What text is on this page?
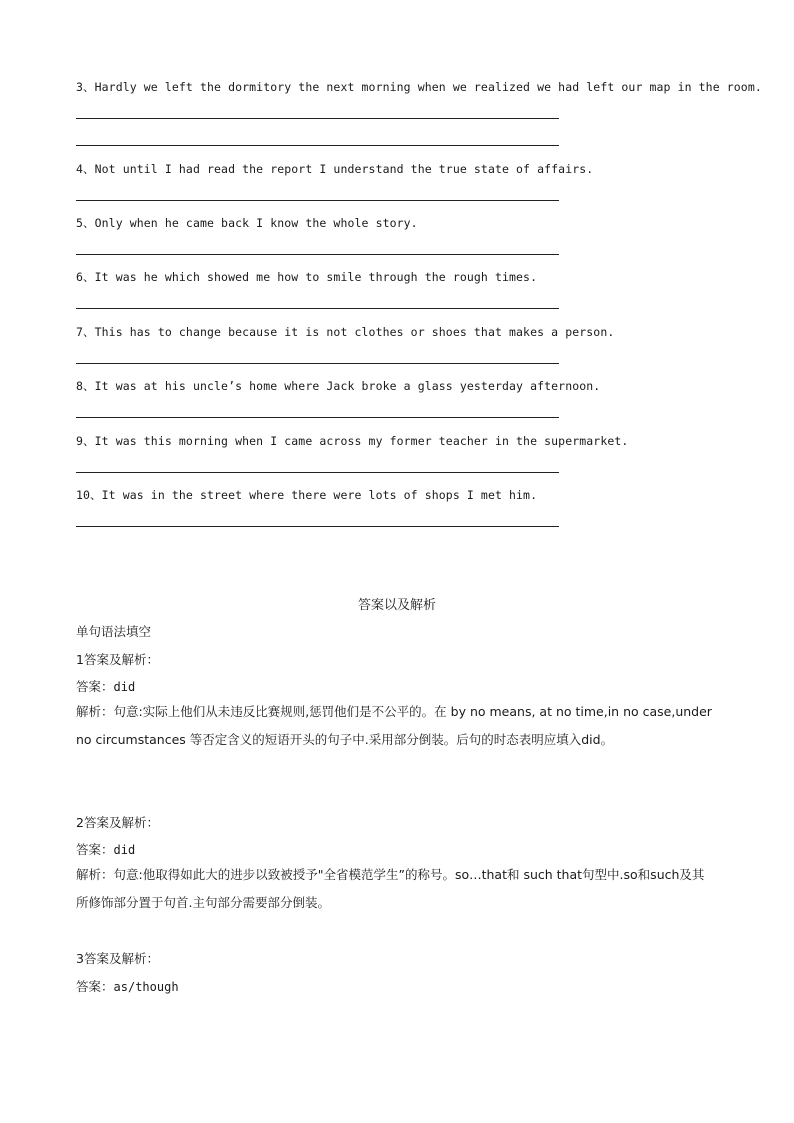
3、Hardly we left the dormitory the next morning when we realized we had left our map in the room.
4、Not until I had read the report I understand the true state of affairs.
5、Only when he came back I know the whole story.
6、It was he which showed me how to smile through the rough times.
7、This has to change because it is not clothes or shoes that makes a person.
8、It was at his uncle’s home where Jack broke a glass yesterday afternoon.
9、It was this morning when I came across my former teacher in the supermarket.
10、It was in the street where there were lots of shops I met him.
答案以及解析
单句语法填空
1答案及解析：
答案：did
解析：句意:实际上他们从未违反比赛规则,惩罚他们是不公平的。在 by no means, at no time,in no case,under no circumstances 等否定含义的短语开头的句子中.采用部分倒装。后句的时态表明应填入did。
2答案及解析：
答案：did
解析：句意:他取得如此大的进步以致被授予"全省模范学生”的称号。so…that和 such that句型中.so和such及其所修饰部分置于句首.主句部分需要部分倒装。
3答案及解析：
答案：as/though
